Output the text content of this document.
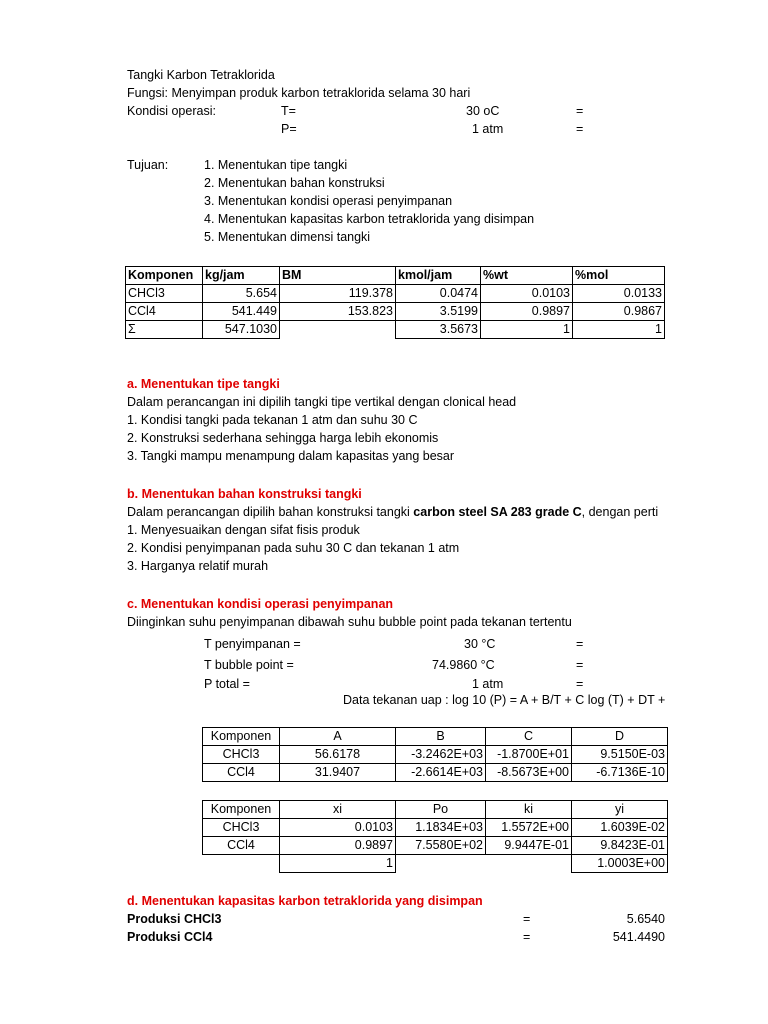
Tangki Karbon Tetraklorida
Fungsi: Menyimpan produk karbon tetraklorida selama 30 hari
Kondisi operasi:	T=	30 oC	=
P=	1 atm	=
Tujuan:	1. Menentukan tipe tangki
2. Menentukan bahan konstruksi
3. Menentukan kondisi operasi penyimpanan
4. Menentukan kapasitas karbon tetraklorida yang disimpan
5. Menentukan dimensi tangki
Komponen	kg/jam	BM	kmol/jam	%wt	%mol
CHCl3	5.654	119.378	0.0474	0.0103	0.0133
CCl4	541.449	153.823	3.5199	0.9897	0.9867
Σ	547.1030		3.5673	1	1
a. Menentukan tipe tangki
Dalam perancangan ini dipilih tangki tipe vertikal dengan clonical head
1. Kondisi tangki pada tekanan 1 atm dan suhu 30 C
2. Konstruksi sederhana sehingga harga lebih ekonomis
3. Tangki mampu menampung dalam kapasitas yang besar
b. Menentukan bahan konstruksi tangki
Dalam perancangan dipilih bahan konstruksi tangki carbon steel SA 283 grade C, dengan perti
1. Menyesuaikan dengan sifat fisis produk
2. Kondisi penyimpanan pada suhu 30 C dan tekanan 1 atm
3. Harganya relatif murah
c. Menentukan kondisi operasi penyimpanan
Diinginkan suhu penyimpanan dibawah suhu bubble point pada tekanan tertentu
T penyimpanan =	30 °C	=
T bubble point =	74.9860 °C	=
P total =	1 atm	=
Data tekanan uap : log 10 (P) = A + B/T + C log (T) + DT +
Komponen	A	B	C	D
CHCl3	56.6178	-3.2462E+03	-1.8700E+01	9.5150E-03
CCl4	31.9407	-2.6614E+03	-8.5673E+00	-6.7136E-10
Komponen	xi	Po	ki	yi
CHCl3	0.0103	1.1834E+03	1.5572E+00	1.6039E-02
CCl4	0.9897	7.5580E+02	9.9447E-01	9.8423E-01
	1			1.0003E+00
d. Menentukan kapasitas karbon tetraklorida yang disimpan
Produksi CHCl3	=	5.6540
Produksi CCl4	=	541.4490
